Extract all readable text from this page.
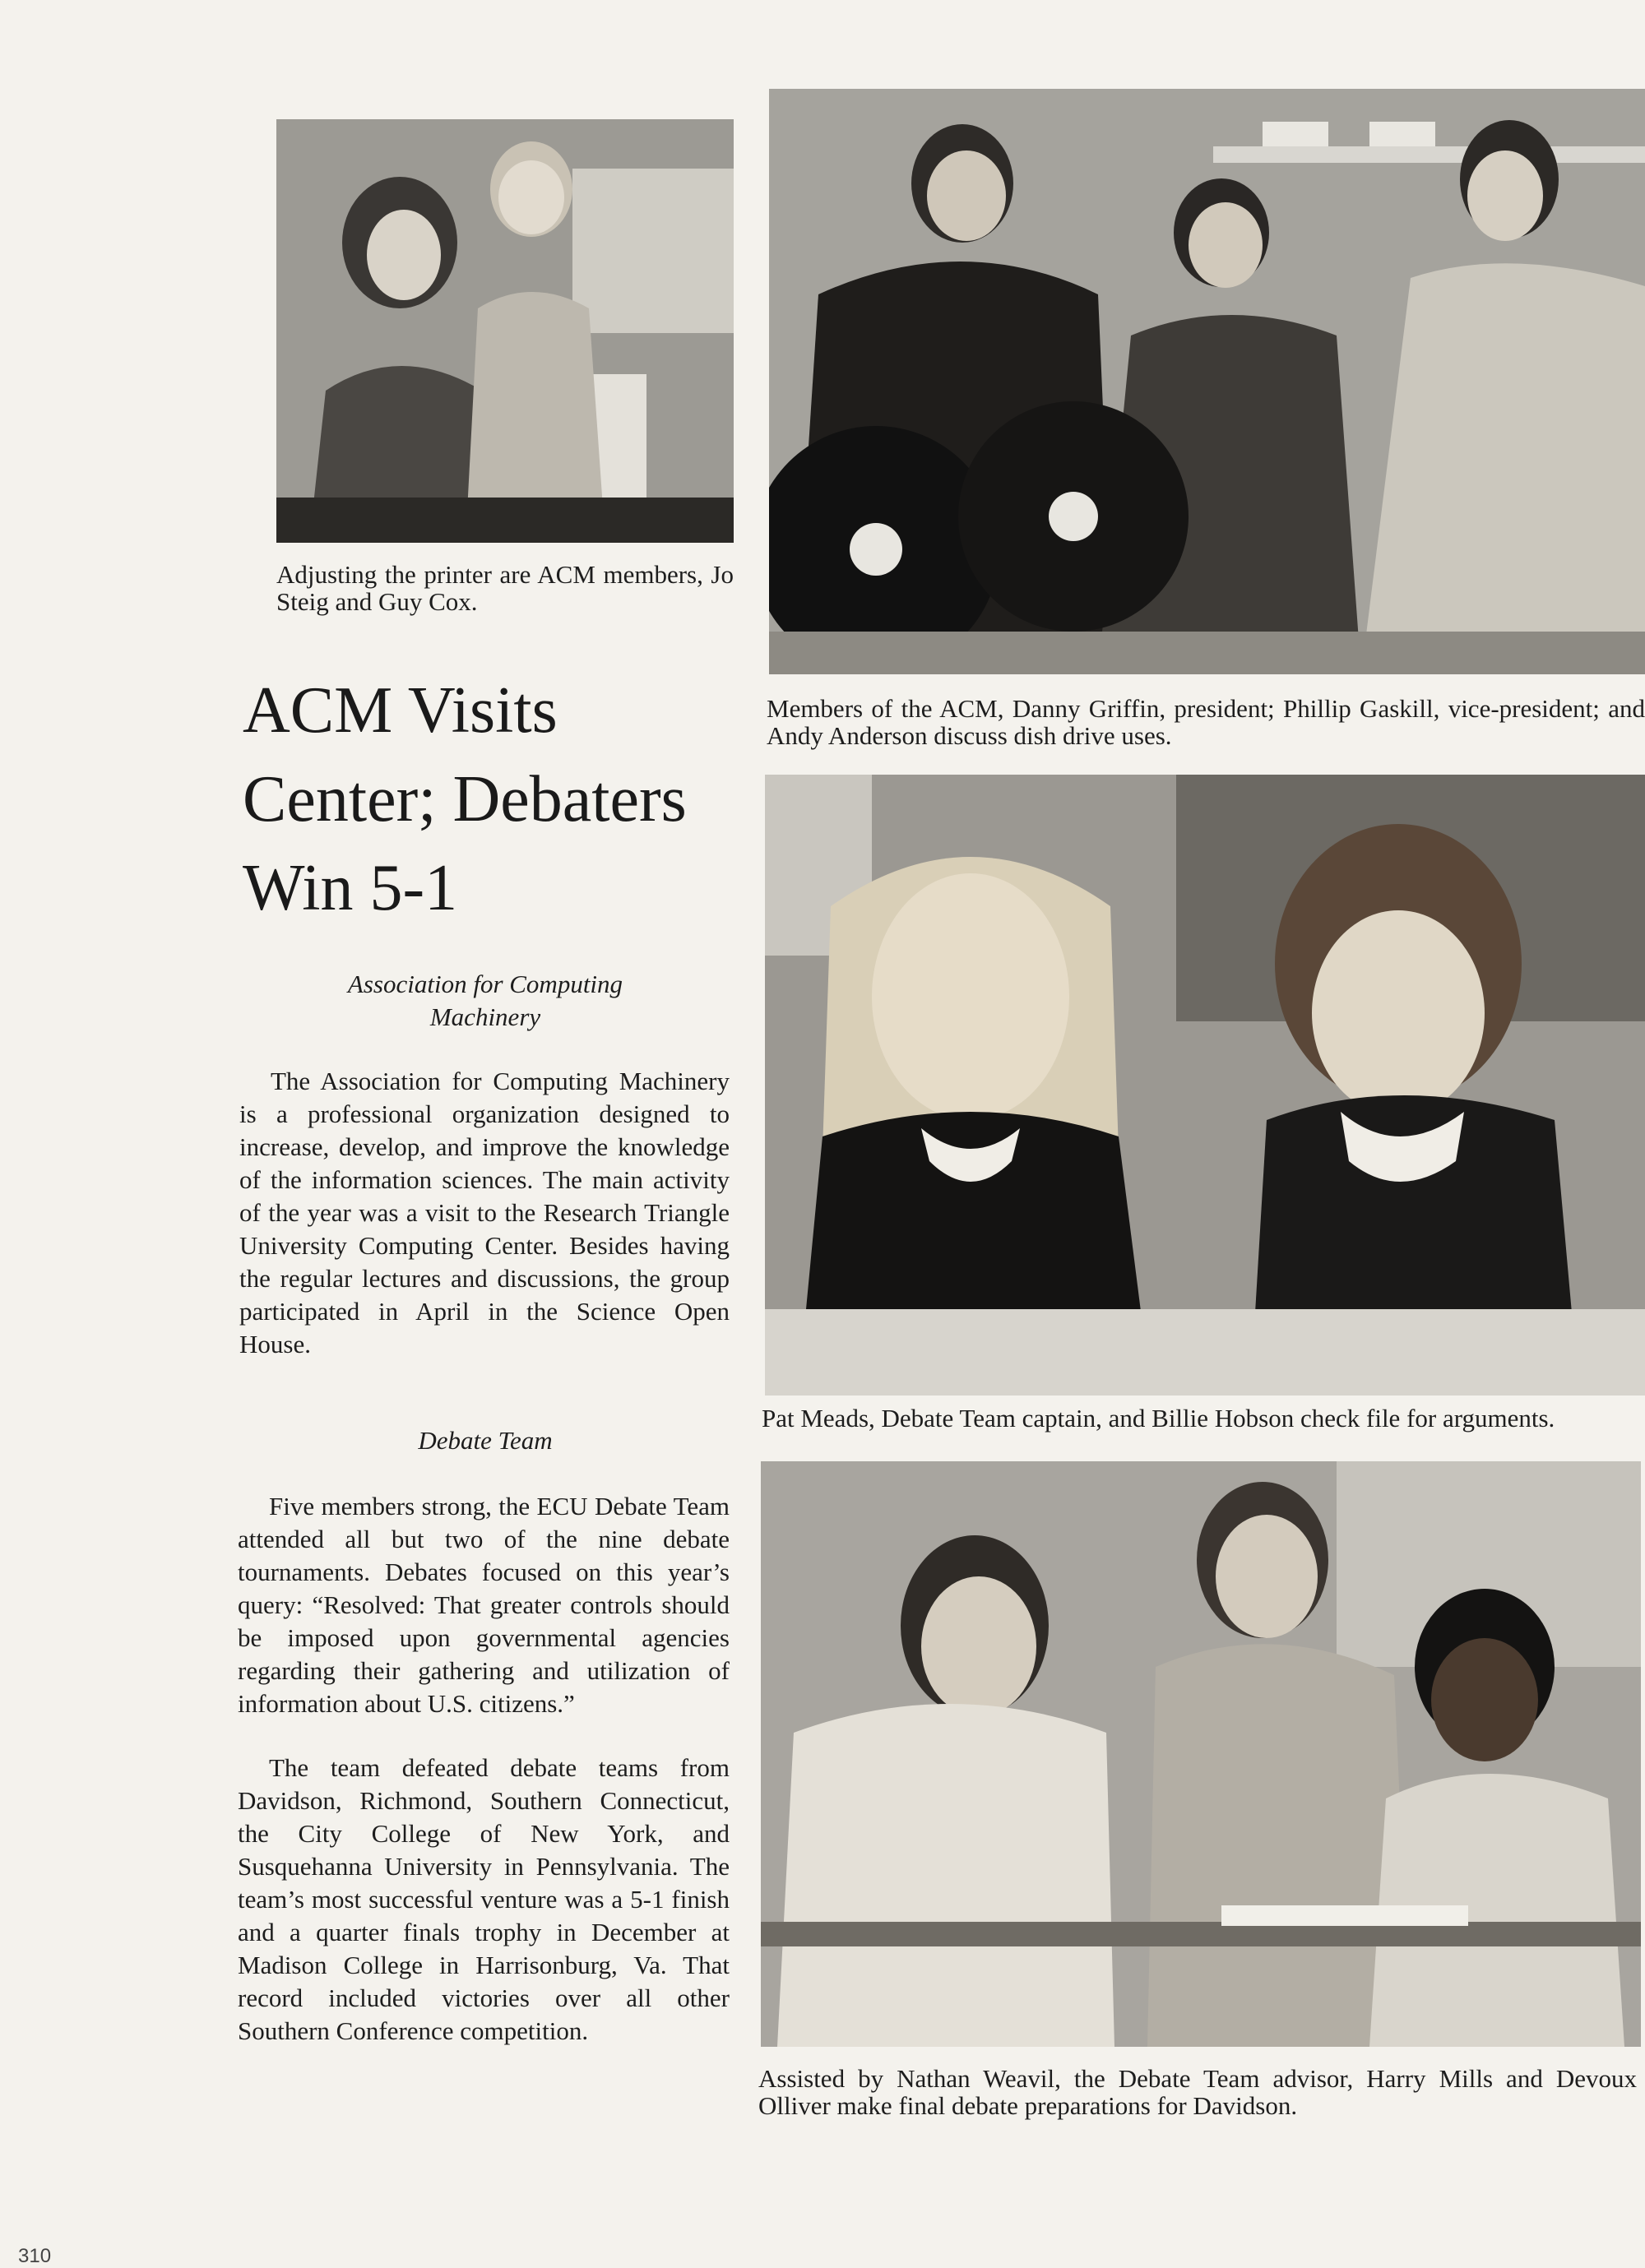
Adjusting the printer are ACM members, Jo Steig and Guy Cox.

Members of the ACM, Danny Griffin, president; Phillip Gaskill, vice-president; and Andy Anderson discuss dish drive uses.

ACM Visits Center; Debaters Win 5-1

Association for Computing Machinery

The Association for Computing Machinery is a professional organization designed to increase, develop, and improve the knowledge of the information sciences. The main activity of the year was a visit to the Research Triangle University Computing Center. Besides having the regular lectures and discussions, the group participated in April in the Science Open House.

Debate Team

Five members strong, the ECU Debate Team attended all but two of the nine debate tournaments. Debates focused on this year’s query: “Resolved: That greater controls should be imposed upon governmental agencies regarding their gathering and utilization of information about U.S. citizens.”

The team defeated debate teams from Davidson, Richmond, Southern Connecticut, the City College of New York, and Susquehanna University in Pennsylvania. The team’s most successful venture was a 5-1 finish and a quarter finals trophy in December at Madison College in Harrisonburg, Va. That record included victories over all other Southern Conference competition.

Pat Meads, Debate Team captain, and Billie Hobson check file for arguments.

Assisted by Nathan Weavil, the Debate Team advisor, Harry Mills and Devoux Olliver make final debate preparations for Davidson.

310
